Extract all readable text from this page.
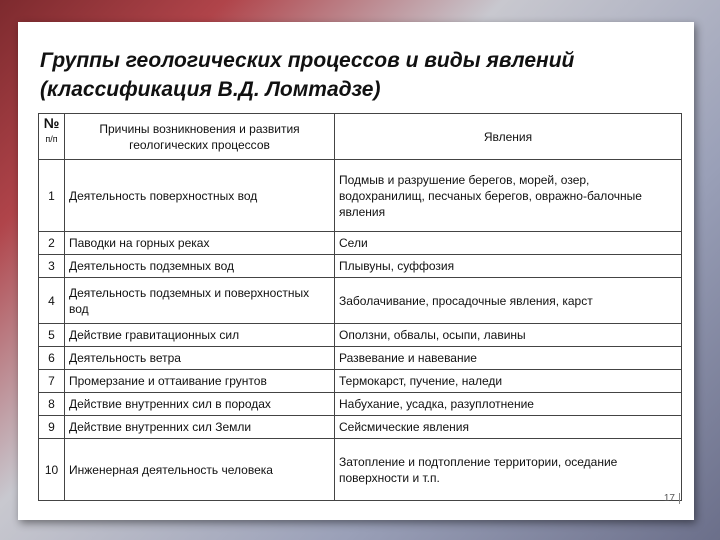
Группы геологических процессов и виды явлений
(классификация В.Д. Ломтадзе)
№
п/п	Причины возникновения и развития геологических процессов	Явления
1	Деятельность поверхностных вод	Подмыв и разрушение берегов, морей, озер, водохранилищ, песчаных берегов, овражно-балочные явления
2	Паводки на горных реках	Сели
3	Деятельность подземных вод	Плывуны, суффозия
4	Деятельность подземных и поверхностных вод	Заболачивание, просадочные явления, карст
5	Действие гравитационных сил	Оползни, обвалы, осыпи, лавины
6	Деятельность ветра	Развевание и навевание
7	Промерзание и оттаивание грунтов	Термокарст, пучение, наледи
8	Действие внутренних сил в породах	Набухание, усадка, разуплотнение
9	Действие внутренних сил Земли	Сейсмические явления
10	Инженерная деятельность человека	Затопление и подтопление территории, оседание поверхности и т.п.
17
